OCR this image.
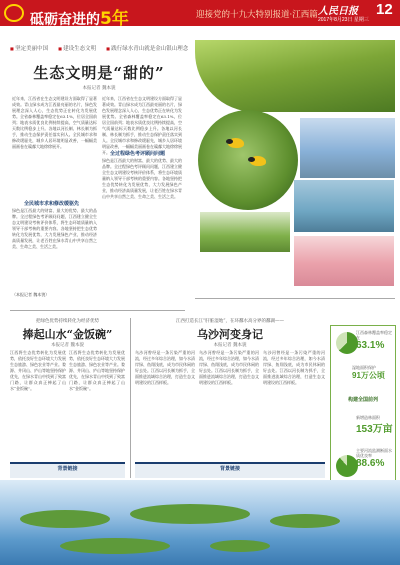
砥砺奋进的5年	迎接党的十九大特别报道·江西篇 人民日报 12
2017年8月23日 星期三
■ 坚定美丽中国	■ 建设生态文明	■ 践行绿水青山就是金山银山理念
生态文明是“甜的”
本报记者 魏本貌
近年来，江西省在生态文明建设方面取得了显著成效。青山绿水成为江西最亮丽的名片，绿色发展理念深入人心，生态优势正在转化为发展优势。全省森林覆盖率稳定在63.1%，位居全国前列；地表水质优良比例持续提高，空气质量达标天数比例稳步上升。各地以河长制、林长制为抓手，推动生态保护责任落实到人。全民城市求和修改缓驱先，城乡人居环境明显改善，一幅幅美丽画卷在赣鄱大地徐徐展开。
全民城市求和修改缓驱先
绿色是江西最大的财富、最大的优势、最大的品牌。全过程绿色考评顾问问题，江西建立健全生态文明建设考核评价体系，将生态环境质量纳入领导干部考核的重要内容。各地坚持把生态优势转化为发展优势，大力发展绿色产业，推动经济高质量发展，让老百姓在绿水青山中共享自然之美、生命之美、生活之美。
近年来，江西省在生态文明建设方面取得了显著成效。青山绿水成为江西最亮丽的名片，绿色发展理念深入人心，生态优势正在转化为发展优势。全省森林覆盖率稳定在63.1%，位居全国前列；地表水质优良比例持续提高，空气质量达标天数比例稳步上升。各地以河长制、林长制为抓手，推动生态保护责任落实到人。全民城市求和修改缓驱先，城乡人居环境明显改善，一幅幅美丽画卷在赣鄱大地徐徐展开。 全过程绿色考评顾问问题
绿色是江西最大的财富、最大的优势、最大的品牌。全过程绿色考评顾问问题，江西建立健全生态文明建设考核评价体系，将生态环境质量纳入领导干部考核的重要内容。各地坚持把生态优势转化为发展优势，大力发展绿色产业，推动经济高质量发展，让老百姓在绿水青山中共享自然之美、生命之美、生活之美。
（本报记者 魏本貌）
把绿色优势持续转化为经济优势
捧起山水“金饭碗”
本报记者 魏本貌
江西将生态优势转化为发展优势，依托良好生态环境大力发展生态旅游、绿色农业等产业。婺源、井冈山、庐山等地坚持保护优先，在绿水青山中找到了致富门路，让群众真正捧起了山水“金饭碗”。
江西将生态优势转化为发展优势，依托良好生态环境大力发展生态旅游、绿色农业等产业。婺源、井冈山、庐山等地坚持保护优先，在绿水青山中找到了致富门路，让群众真正捧起了山水“金饭碗”。
背景链接
江西打造长江“肝脏湿地”，在环鄱水高分界的鄱湖——
乌沙河变身记
本报记者 魏本貌
乌沙河曾经是一条污染严重的河流，经过多年综合治理，如今水清岸绿、鱼翔浅底，成为市民休闲的好去处。江西以河长制为抓手，全面推进流域综合治理，打造生态文明建设的江西样板。
乌沙河曾经是一条污染严重的河流，经过多年综合治理，如今水清岸绿、鱼翔浅底，成为市民休闲的好去处。江西以河长制为抓手，全面推进流域综合治理，打造生态文明建设的江西样板。
乌沙河曾经是一条污染严重的河流，经过多年综合治理，如今水清岸绿、鱼翔浅底，成为市民休闲的好去处。江西以河长制为抓手，全面推进流域综合治理，打造生态文明建设的江西样板。
背景链接
江西森林覆盖率稳定在
63.1%
湿地面积保护
91万公顷
构建全国前列
新增造林面积
153万亩
主要河流监测断面水质优良率
88.6%
